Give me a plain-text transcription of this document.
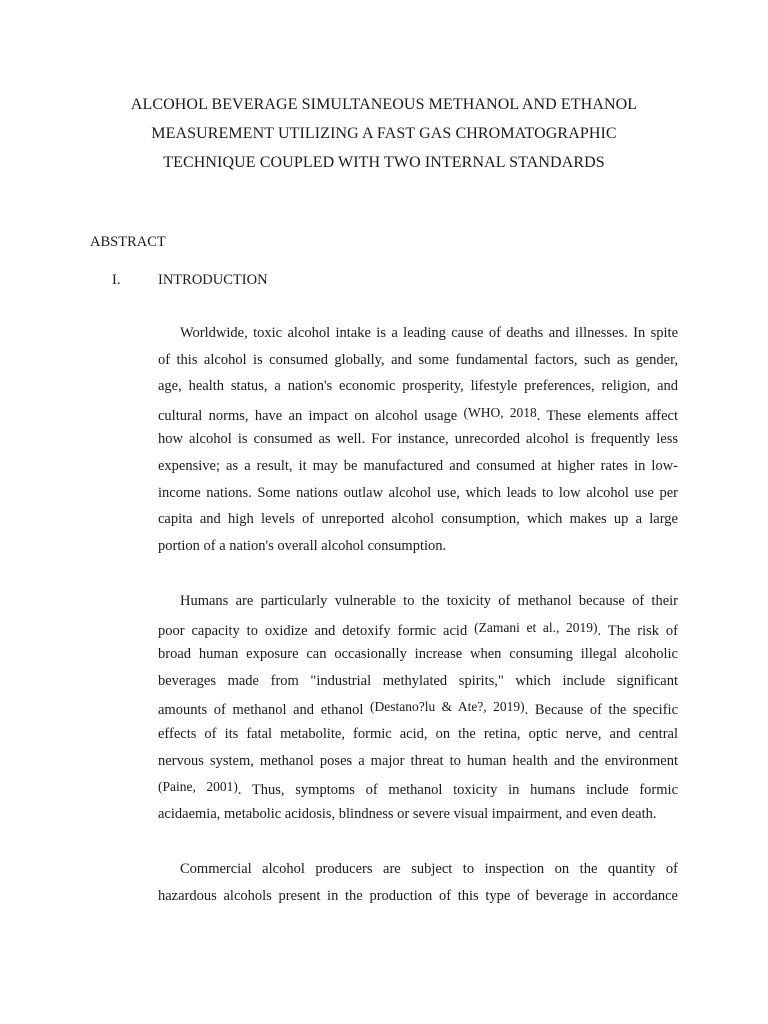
ALCOHOL BEVERAGE SIMULTANEOUS METHANOL AND ETHANOL
MEASUREMENT UTILIZING A FAST GAS CHROMATOGRAPHIC
TECHNIQUE COUPLED WITH TWO INTERNAL STANDARDS
ABSTRACT
I.	INTRODUCTION
Worldwide, toxic alcohol intake is a leading cause of deaths and illnesses. In spite
of this alcohol is consumed globally, and some fundamental factors, such as gender,
age, health status, a nation's economic prosperity, lifestyle preferences, religion, and
cultural norms, have an impact on alcohol usage (WHO, 2018. These elements affect
how alcohol is consumed as well. For instance, unrecorded alcohol is frequently less
expensive; as a result, it may be manufactured and consumed at higher rates in low-
income nations. Some nations outlaw alcohol use, which leads to low alcohol use per
capita and high levels of unreported alcohol consumption, which makes up a large
portion of a nation's overall alcohol consumption.
Humans are particularly vulnerable to the toxicity of methanol because of their
poor capacity to oxidize and detoxify formic acid (Zamani et al., 2019). The risk of
broad human exposure can occasionally increase when consuming illegal alcoholic
beverages made from "industrial methylated spirits," which include significant
amounts of methanol and ethanol (Destano?lu & Ate?, 2019). Because of the specific
effects of its fatal metabolite, formic acid, on the retina, optic nerve, and central
nervous system, methanol poses a major threat to human health and the environment
(Paine, 2001). Thus, symptoms of methanol toxicity in humans include formic
acidaemia, metabolic acidosis, blindness or severe visual impairment, and even death.
Commercial alcohol producers are subject to inspection on the quantity of
hazardous alcohols present in the production of this type of beverage in accordance
